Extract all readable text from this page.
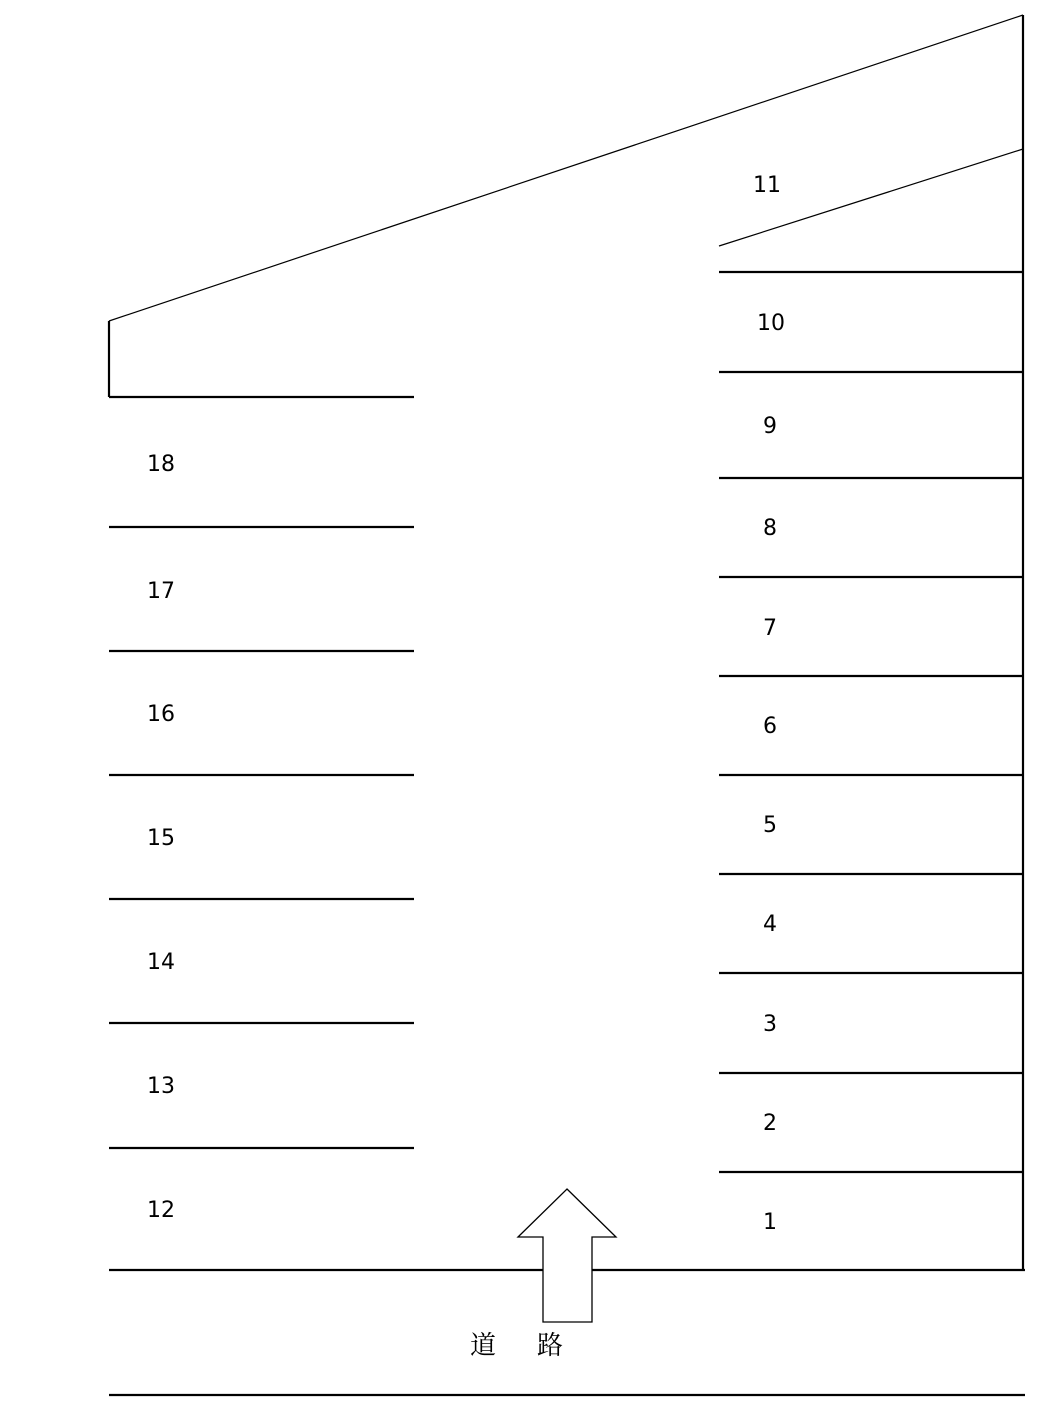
1
2
3
4
5
6
7
8
9
10
11
12
13
14
15
16
17
18
道 路
